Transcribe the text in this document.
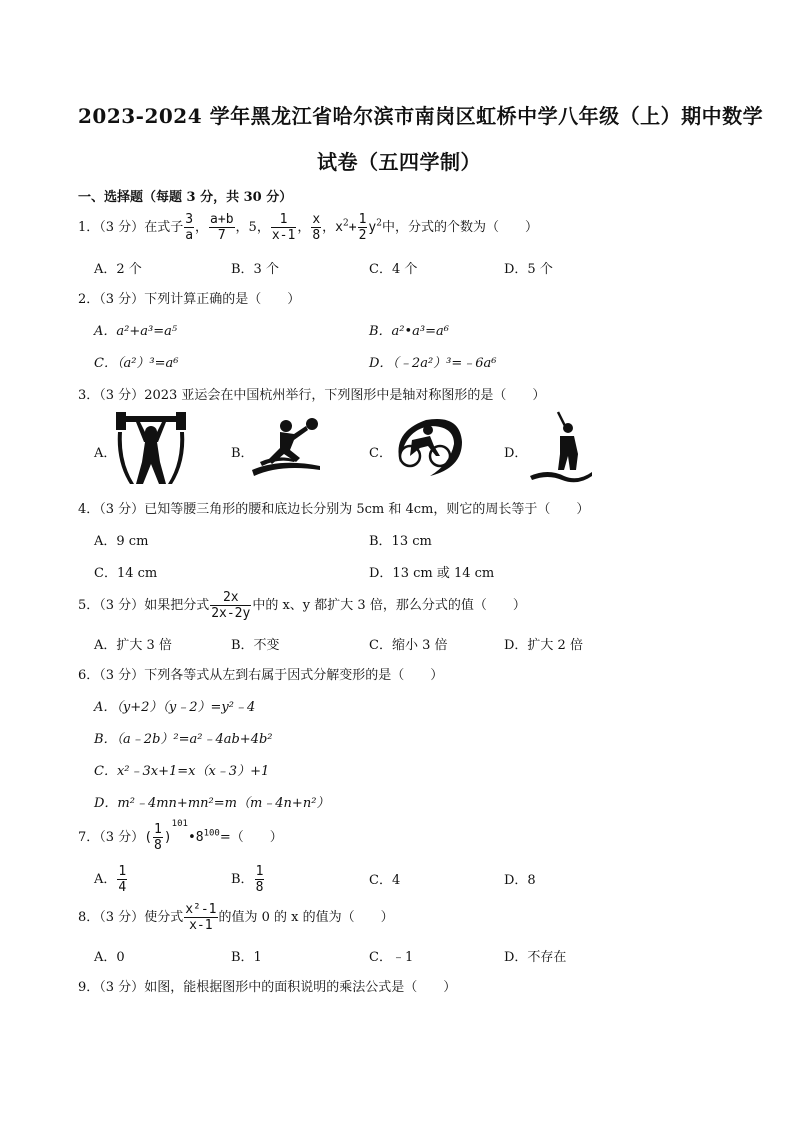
2023-2024 学年黑龙江省哈尔滨市南岗区虹桥中学八年级（上）期中数学
试卷（五四学制）
一、选择题（每题 3 分，共 30 分）
1．（3 分）在式子 $\frac{3}{a}$ ， $\frac{a+b}{7}$ ，5， $\frac{1}{x-1}$ ， $\frac{x}{8}$ ，$x^2+ \frac{1}{2} y^2$中，分式的个数为（　　）
A．2 个	B．3 个	C．4 个	D．5 个
2．（3 分）下列计算正确的是（　　）
A．a²+a³=a⁵	B．a²•a³=a⁶
C．（a²）³=a⁶	D．（﹣2a²）³=﹣6a⁶
3．（3 分）2023 亚运会在中国杭州举行，下列图形中是轴对称图形的是（　　）
A．	B．	C．	D．
4．（3 分）已知等腰三角形的腰和底边长分别为 5cm 和 4cm，则它的周长等于（　　）
A．9 cm	B．13 cm
C．14 cm	D．13 cm 或 14 cm
5．（3 分）如果把分式 $\frac{2x}{2x-2y}$ 中的 x、y 都扩大 3 倍，那么分式的值（　　）
A．扩大 3 倍	B．不变	C．缩小 3 倍	D．扩大 2 倍
6．（3 分）下列各等式从左到右属于因式分解变形的是（　　）
A．（y+2）（y﹣2）=y²﹣4
B．（a﹣2b）²=a²﹣4ab+4b²
C．x²﹣3x+1=x（x﹣3）+1
D．m²﹣4mn+mn²=m（m﹣4n+n²）
7．（3 分）( $\frac{1}{8}$ )$^{101}•8^{100}=$（　　）
A． $\frac{1}{4}$	B． $\frac{1}{8}$	C．4	D．8
8．（3 分）使分式 $\frac{\text{x²-1}}{x-1}$ 的值为 0 的 x 的值为（　　）
A．0	B．1	C．﹣1	D．不存在
9．（3 分）如图，能根据图形中的面积说明的乘法公式是（　　）
